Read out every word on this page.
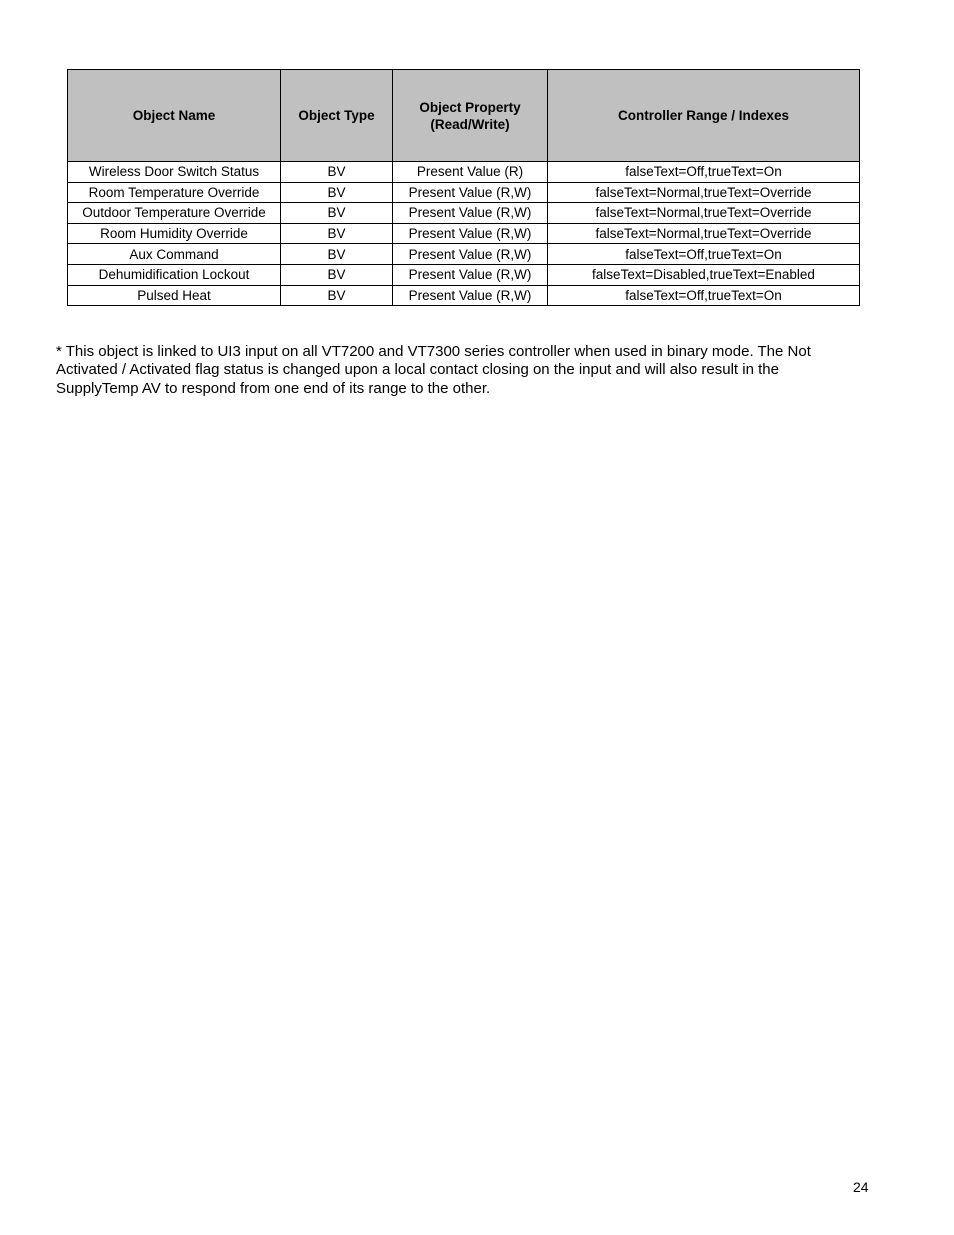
Object Name	Object Type	Object Property (Read/Write)	Controller Range / Indexes
Wireless Door Switch Status	BV	Present Value (R)	falseText=Off,trueText=On
Room Temperature Override	BV	Present Value (R,W)	falseText=Normal,trueText=Override
Outdoor Temperature Override	BV	Present Value (R,W)	falseText=Normal,trueText=Override
Room Humidity Override	BV	Present Value (R,W)	falseText=Normal,trueText=Override
Aux Command	BV	Present Value (R,W)	falseText=Off,trueText=On
Dehumidification Lockout	BV	Present Value (R,W)	falseText=Disabled,trueText=Enabled
Pulsed Heat	BV	Present Value (R,W)	falseText=Off,trueText=On

* This object is linked to UI3 input on all VT7200 and VT7300 series controller when used in binary mode. The Not Activated / Activated flag status is changed upon a local contact closing on the input and will also result in the SupplyTemp AV to respond from one end of its range to the other.

24
